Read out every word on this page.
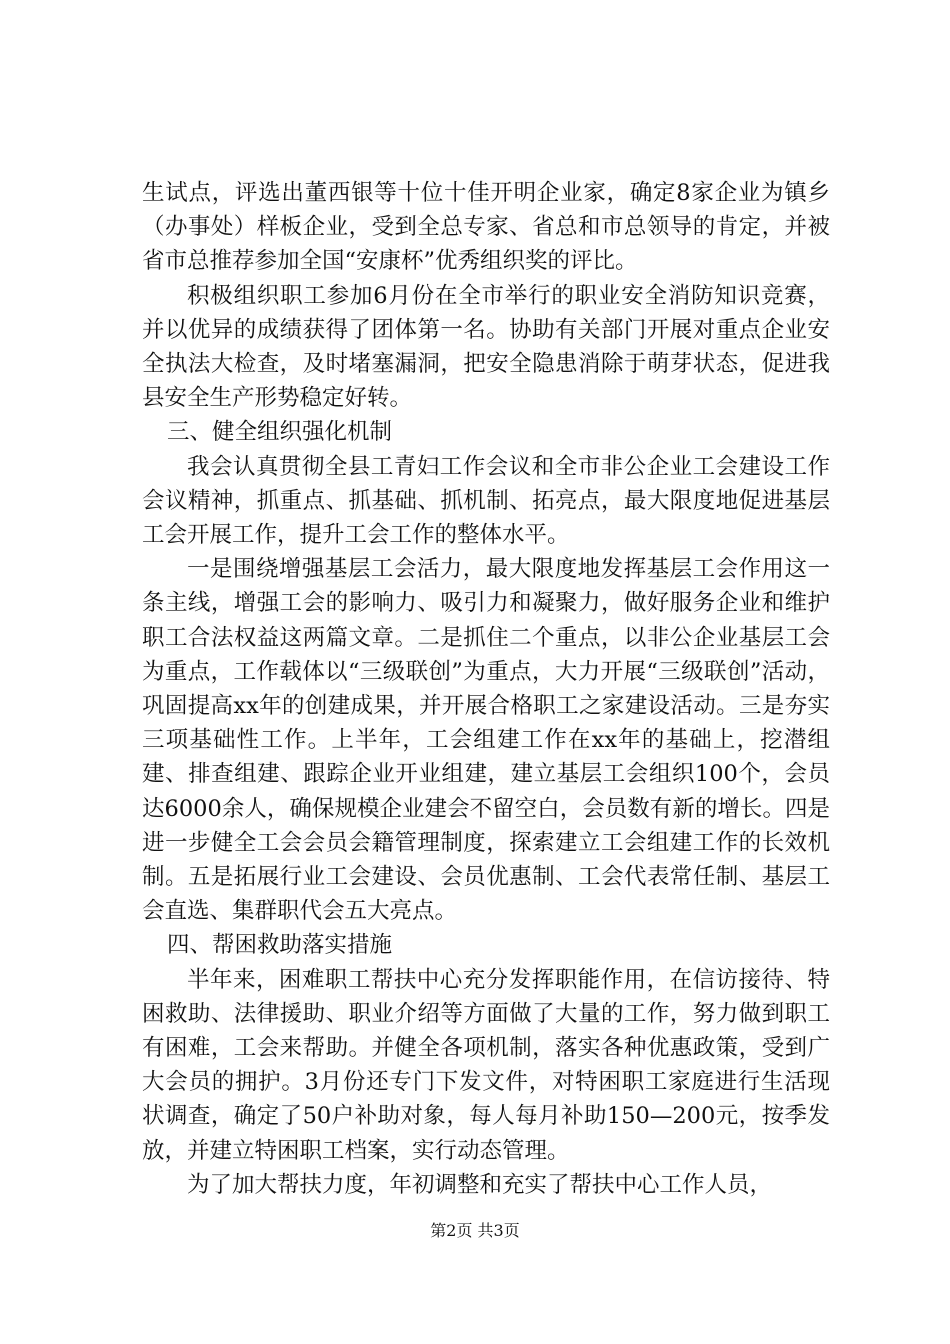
生试点，评选出董西银等十位十佳开明企业家，确定8家企业为镇乡（办事处）样板企业，受到全总专家、省总和市总领导的肯定，并被省市总推荐参加全国“安康杯”优秀组织奖的评比。

积极组织职工参加6月份在全市举行的职业安全消防知识竞赛，并以优异的成绩获得了团体第一名。协助有关部门开展对重点企业安全执法大检查，及时堵塞漏洞，把安全隐患消除于萌芽状态，促进我县安全生产形势稳定好转。

三、健全组织强化机制

我会认真贯彻全县工青妇工作会议和全市非公企业工会建设工作会议精神，抓重点、抓基础、抓机制、拓亮点，最大限度地促进基层工会开展工作，提升工会工作的整体水平。

一是围绕增强基层工会活力，最大限度地发挥基层工会作用这一条主线，增强工会的影响力、吸引力和凝聚力，做好服务企业和维护职工合法权益这两篇文章。二是抓住二个重点，以非公企业基层工会为重点，工作载体以“三级联创”为重点，大力开展“三级联创”活动，巩固提高xx年的创建成果，并开展合格职工之家建设活动。三是夯实三项基础性工作。上半年，工会组建工作在xx年的基础上，挖潜组建、排查组建、跟踪企业开业组建，建立基层工会组织100个，会员达6000余人，确保规模企业建会不留空白，会员数有新的增长。四是进一步健全工会会员会籍管理制度，探索建立工会组建工作的长效机制。五是拓展行业工会建设、会员优惠制、工会代表常任制、基层工会直选、集群职代会五大亮点。

四、帮困救助落实措施

半年来，困难职工帮扶中心充分发挥职能作用，在信访接待、特困救助、法律援助、职业介绍等方面做了大量的工作，努力做到职工有困难，工会来帮助。并健全各项机制，落实各种优惠政策，受到广大会员的拥护。3月份还专门下发文件，对特困职工家庭进行生活现状调查，确定了50户补助对象，每人每月补助150—200元，按季发放，并建立特困职工档案，实行动态管理。

为了加大帮扶力度，年初调整和充实了帮扶中心工作人员，

第2页 共3页
